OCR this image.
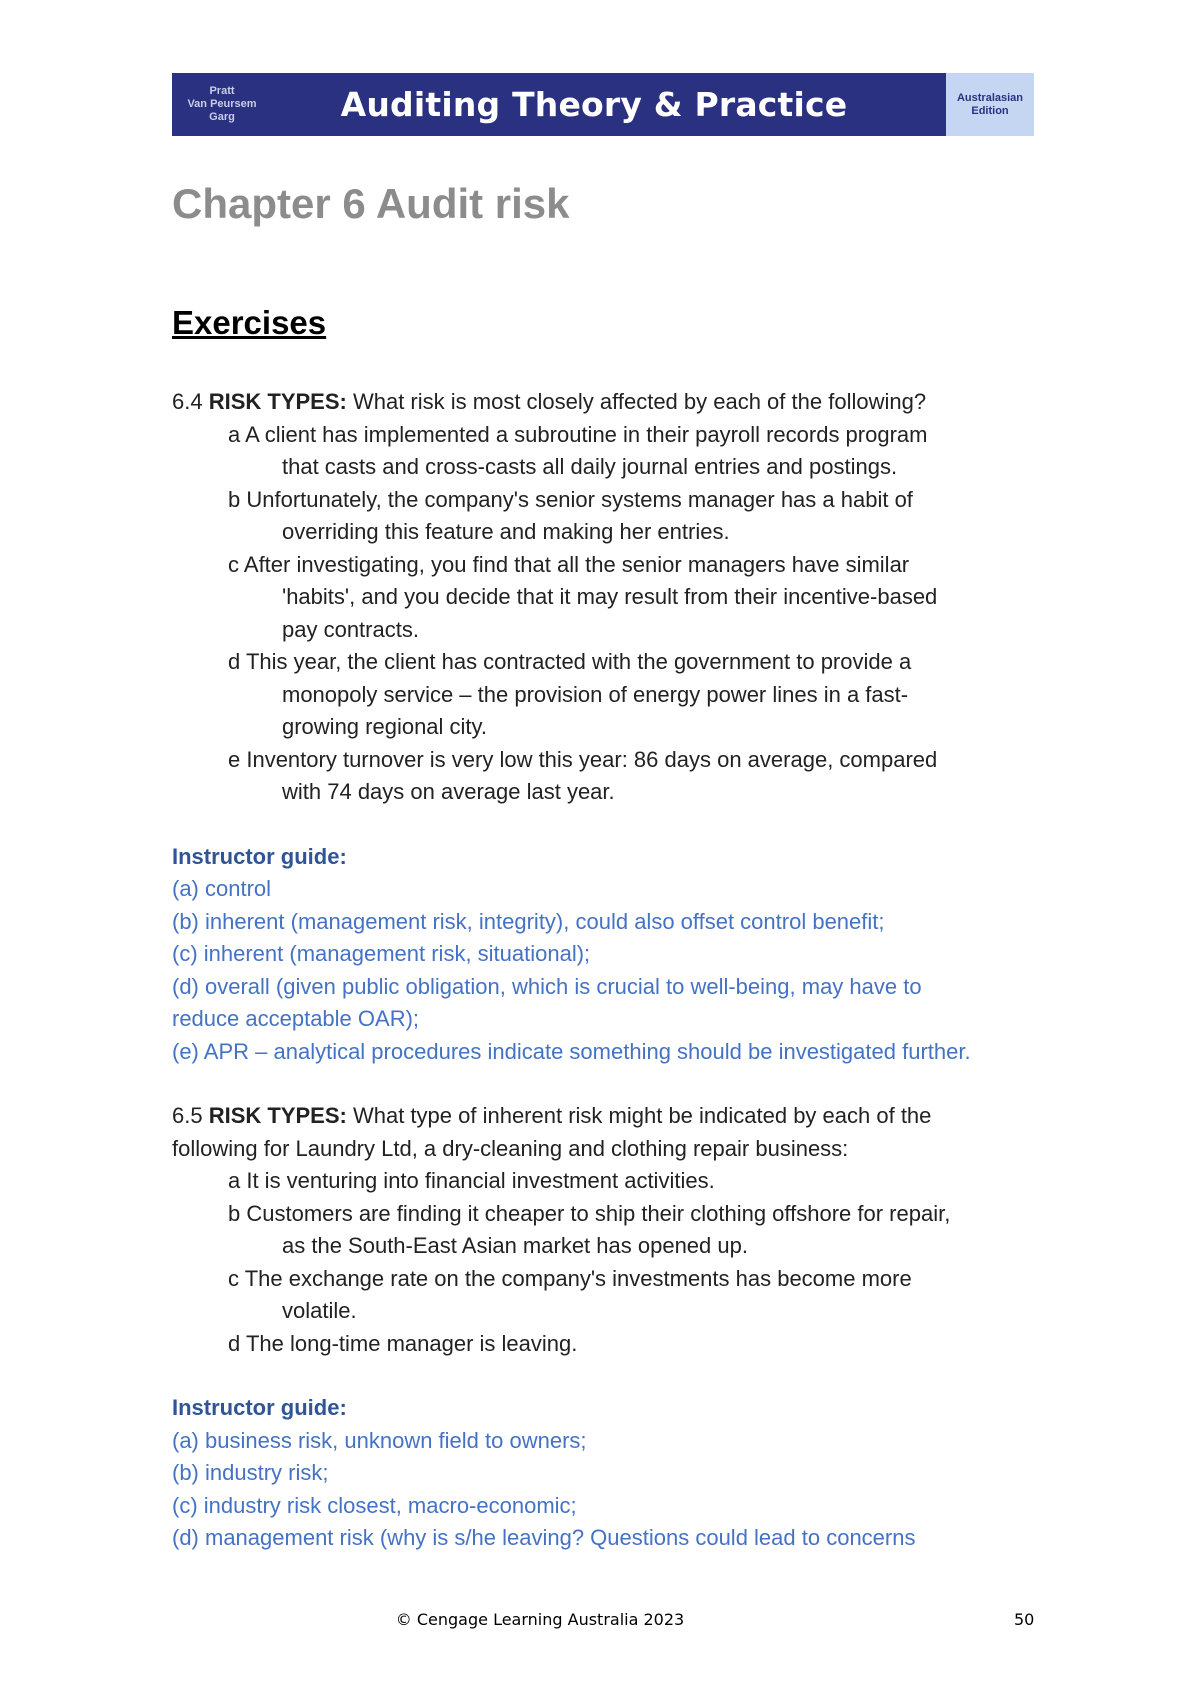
Pratt
Van Peursem
Garg	Auditing Theory & Practice	Australasian
Edition
Chapter 6 Audit risk
Exercises

6.4 RISK TYPES: What risk is most closely affected by each of the following?

a A client has implemented a subroutine in their payroll records program

that casts and cross-casts all daily journal entries and postings.

b Unfortunately, the company's senior systems manager has a habit of

overriding this feature and making her entries.

c After investigating, you find that all the senior managers have similar

'habits', and you decide that it may result from their incentive-based

pay contracts.

d This year, the client has contracted with the government to provide a

monopoly service – the provision of energy power lines in a fast-

growing regional city.

e Inventory turnover is very low this year: 86 days on average, compared

with 74 days on average last year.

Instructor guide:

(a) control

(b) inherent (management risk, integrity), could also offset control benefit;

(c) inherent (management risk, situational);

(d) overall (given public obligation, which is crucial to well-being, may have to

reduce acceptable OAR);

(e) APR – analytical procedures indicate something should be investigated further.

6.5 RISK TYPES: What type of inherent risk might be indicated by each of the

following for Laundry Ltd, a dry-cleaning and clothing repair business:

a It is venturing into financial investment activities.

b Customers are finding it cheaper to ship their clothing offshore for repair,

as the South-East Asian market has opened up.

c The exchange rate on the company's investments has become more

volatile.

d The long-time manager is leaving.

Instructor guide:

(a) business risk, unknown field to owners;

(b) industry risk;

(c) industry risk closest, macro-economic;

(d) management risk (why is s/he leaving? Questions could lead to concerns

© Cengage Learning Australia 2023	50
